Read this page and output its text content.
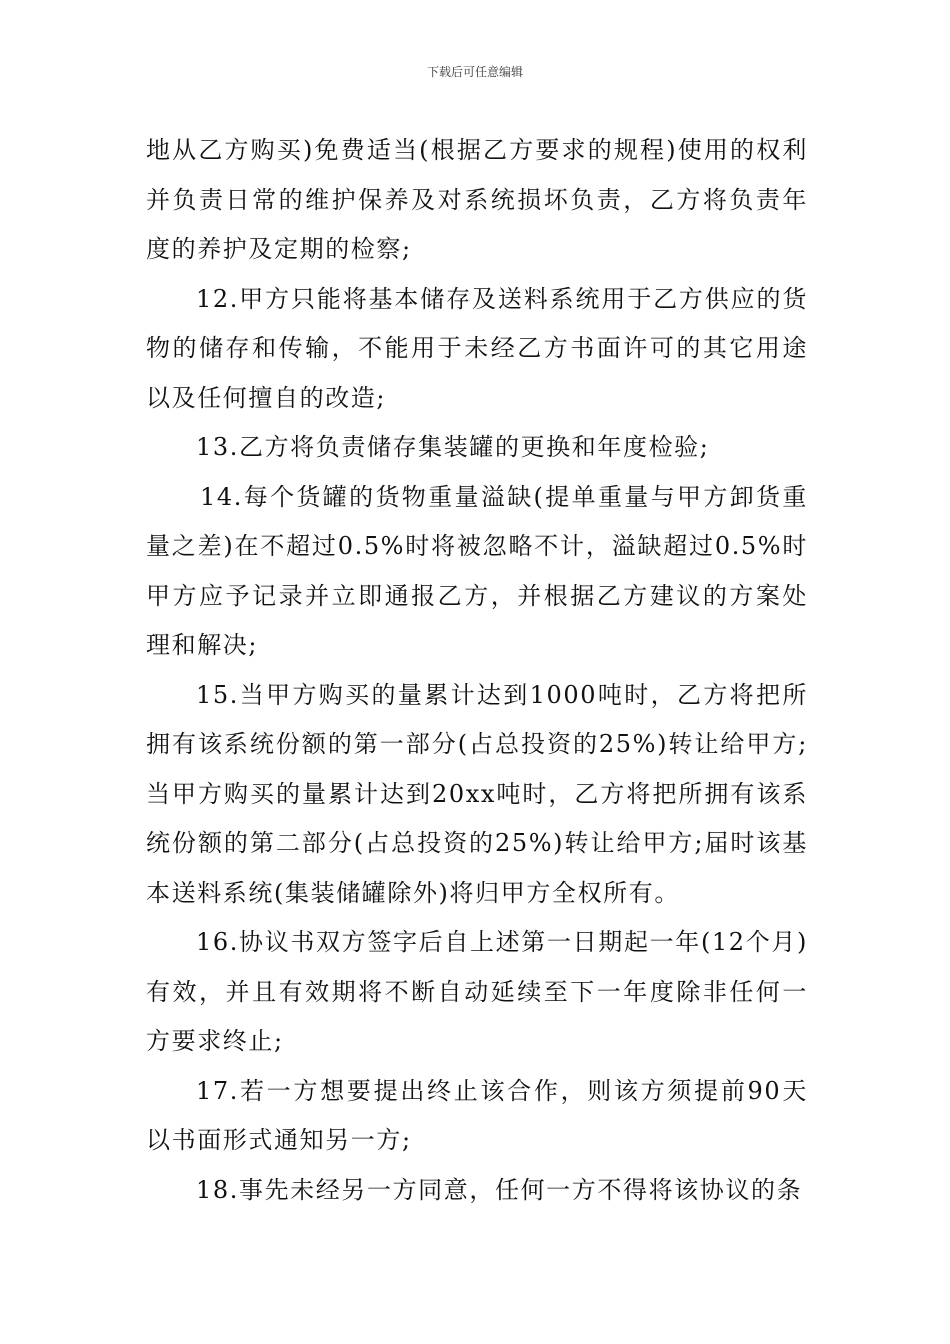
下载后可任意编辑

地从乙方购买)免费适当(根据乙方要求的规程)使用的权利并负责日常的维护保养及对系统损坏负责，乙方将负责年度的养护及定期的检察;

12.甲方只能将基本储存及送料系统用于乙方供应的货物的储存和传输，不能用于未经乙方书面许可的其它用途以及任何擅自的改造;

13.乙方将负责储存集装罐的更换和年度检验;

14.每个货罐的货物重量溢缺(提单重量与甲方卸货重量之差)在不超过0.5%时将被忽略不计，溢缺超过0.5%时甲方应予记录并立即通报乙方，并根据乙方建议的方案处理和解决;

15.当甲方购买的量累计达到1000吨时，乙方将把所拥有该系统份额的第一部分(占总投资的25%)转让给甲方;当甲方购买的量累计达到20xx吨时，乙方将把所拥有该系统份额的第二部分(占总投资的25%)转让给甲方;届时该基本送料系统(集装储罐除外)将归甲方全权所有。

16.协议书双方签字后自上述第一日期起一年(12个月)有效，并且有效期将不断自动延续至下一年度除非任何一方要求终止;

17.若一方想要提出终止该合作，则该方须提前90天以书面形式通知另一方;

18.事先未经另一方同意，任何一方不得将该协议的条
